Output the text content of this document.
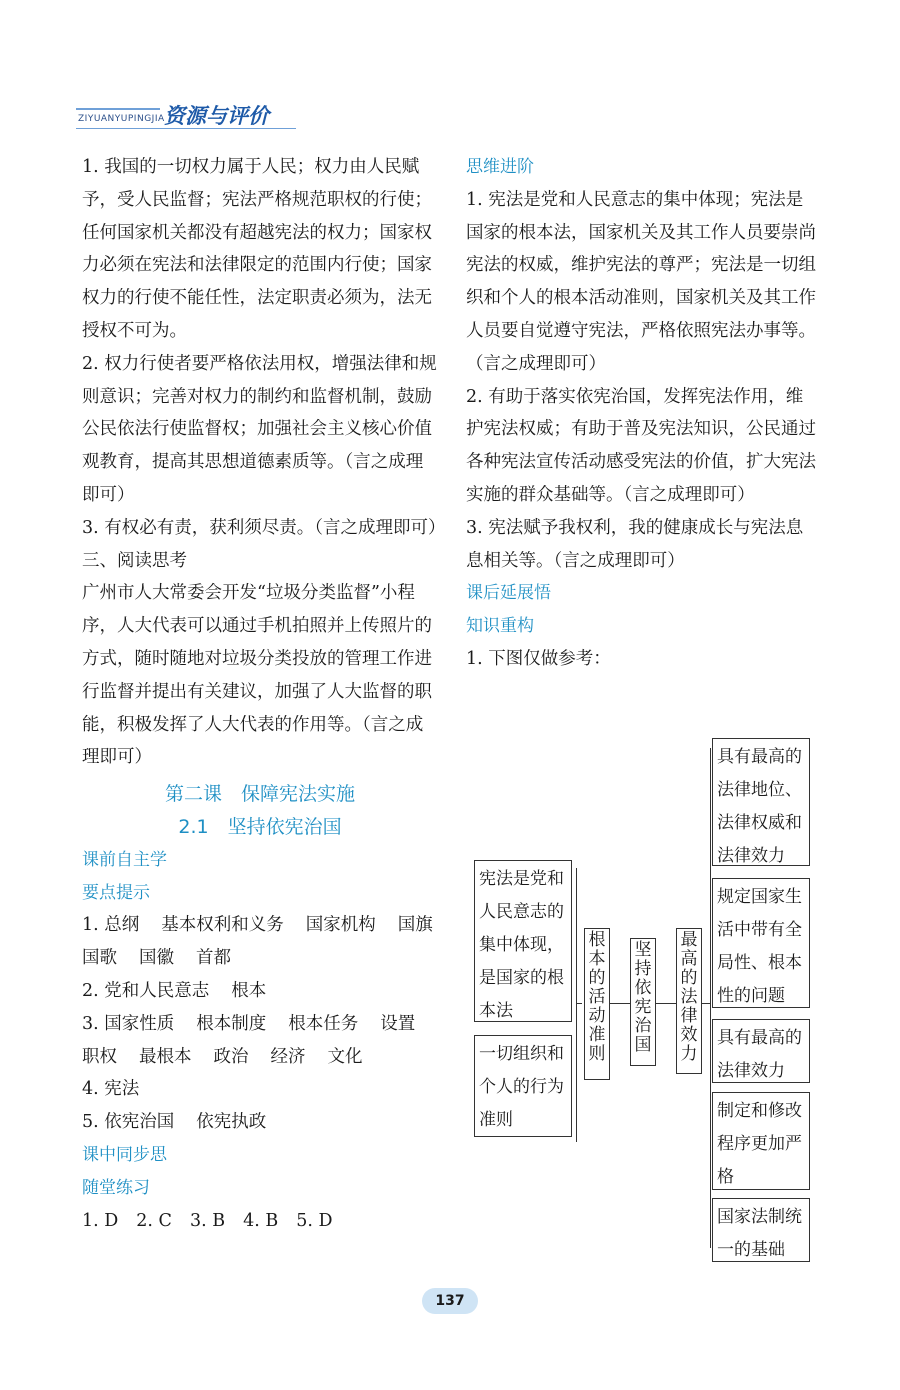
ZIYUANYUPINGJIA 资源与评价

1. 我国的一切权力属于人民；权力由人民赋予，受人民监督；宪法严格规范职权的行使；任何国家机关都没有超越宪法的权力；国家权力必须在宪法和法律限定的范围内行使；国家权力的行使不能任性，法定职责必须为，法无授权不可为。

2. 权力行使者要严格依法用权，增强法律和规则意识；完善对权力的制约和监督机制，鼓励公民依法行使监督权；加强社会主义核心价值观教育，提高其思想道德素质等。（言之成理即可）

3. 有权必有责，获利须尽责。（言之成理即可）

三、阅读思考

广州市人大常委会开发“垃圾分类监督”小程序，人大代表可以通过手机拍照并上传照片的方式，随时随地对垃圾分类投放的管理工作进行监督并提出有关建议，加强了人大监督的职能，积极发挥了人大代表的作用等。（言之成理即可）

第二课　保障宪法实施

2.1　坚持依宪治国

课前自主学

要点提示

1. 总纲 基本权利和义务 国家机构 国旗
国歌 国徽 首都

2. 党和人民意志 根本

3. 国家性质 根本制度 根本任务 设置
职权 最根本 政治 经济 文化

4. 宪法

5. 依宪治国 依宪执政

课中同步思

随堂练习

1. D 2. C 3. B 4. B 5. D

思维进阶

1. 宪法是党和人民意志的集中体现；宪法是国家的根本法，国家机关及其工作人员要崇尚宪法的权威，维护宪法的尊严；宪法是一切组织和个人的根本活动准则，国家机关及其工作人员要自觉遵守宪法，严格依照宪法办事等。（言之成理即可）

2. 有助于落实依宪治国，发挥宪法作用，维护宪法权威；有助于普及宪法知识，公民通过各种宪法宣传活动感受宪法的价值，扩大宪法实施的群众基础等。（言之成理即可）

3. 宪法赋予我权利，我的健康成长与宪法息息相关等。（言之成理即可）

课后延展悟

知识重构

1. 下图仅做参考：

宪法是党和人民意志的集中体现，是国家的根本法
一切组织和个人的行为准则
根本的活动准则
坚持依宪治国
最高的法律效力
具有最高的法律地位、法律权威和法律效力
规定国家生活中带有全局性、根本性的问题
具有最高的法律效力
制定和修改程序更加严格
国家法制统一的基础
137
